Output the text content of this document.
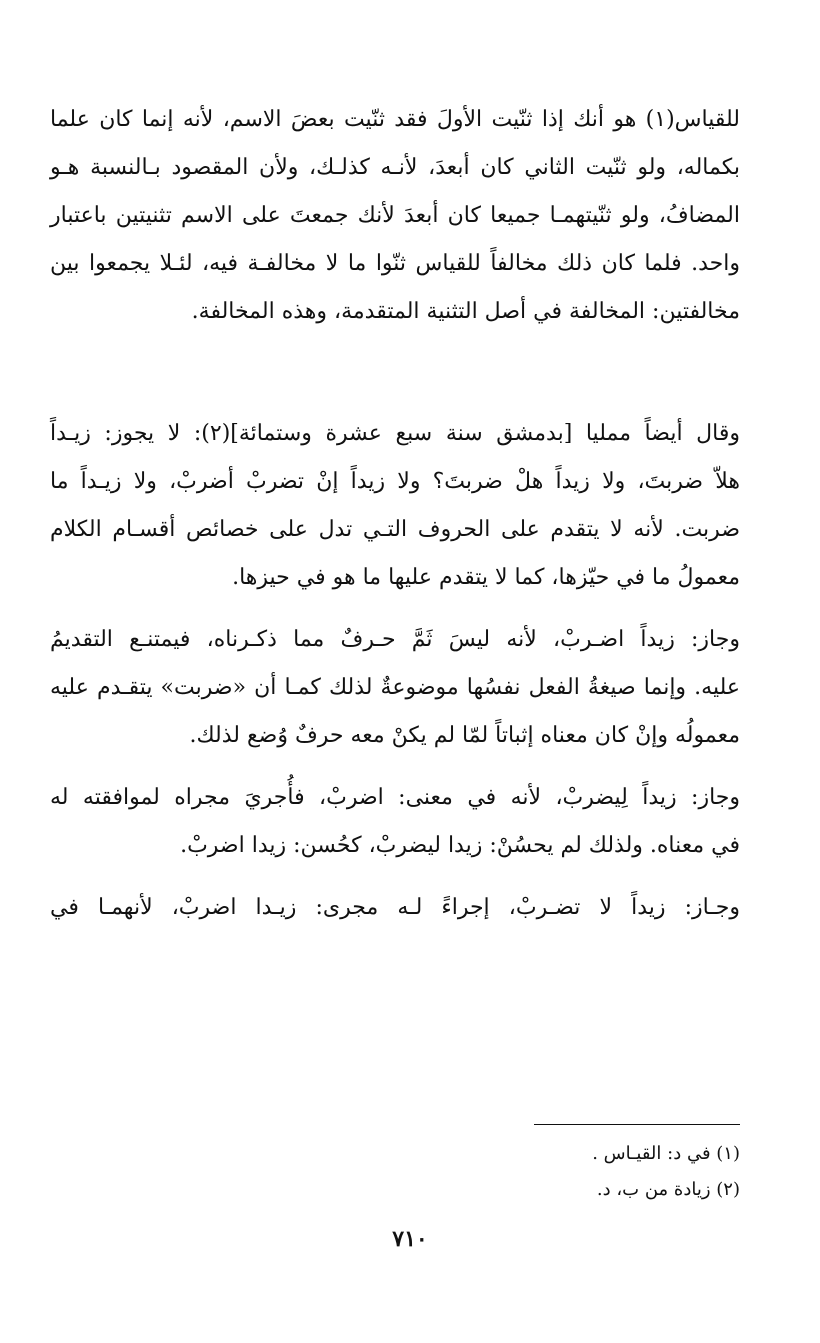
للقياس(١) هو أنك إذا ثنّيت الأولَ فقد ثنّيت بعضَ الاسم، لأنه إنما كان علما
بكماله، ولو ثنّيت الثاني كان أبعدَ، لأنـه كذلـك، ولأن المقصود بـالنسبة هـو
المضافُ، ولو ثنّيتهمـا جميعا كان أبعدَ لأنك جمعتَ على الاسم تثنيتين باعتبار
واحد. فلما كان ذلك مخالفاً للقياس ثنّوا ما لا مخالفـة فيه، لئـلا يجمعوا بين
مخالفتين: المخالفة في أصل التثنية المتقدمة، وهذه المخالفة.

وقال أيضاً ممليا [بدمشق سنة سبع عشرة وستمائة](٢): لا يجوز: زيـداً
هلاّ ضربتَ، ولا زيداً هلْ ضربتَ؟ ولا زيداً إنْ تضربْ أضربْ، ولا زيـداً ما
ضربت. لأنه لا يتقدم على الحروف التـي تدل على خصائص أقسـام الكلام
معمولُ ما في حيّزها، كما لا يتقدم عليها ما هو في حيزها.

وجاز: زيداً اضـربْ، لأنه ليسَ ثَمَّ حـرفٌ مما ذكـرناه، فيمتنـع التقديمُ
عليه. وإنما صيغةُ الفعل نفسُها موضوعةٌ لذلك كمـا أن «ضربت» يتقـدم عليه
معمولُه وإنْ كان معناه إثباتاً لمّا لم يكنْ معه حرفٌ وُضع لذلك.

وجاز: زيداً لِيضربْ، لأنه في معنى: اضربْ، فأُجريَ مجراه لموافقته له
في معناه. ولذلك لم يحسُنْ: زيدا ليضربْ، كحُسن: زيدا اضربْ.

وجـاز: زيداً لا تضـربْ، إجراءً لـه مجرى: زيـدا اضربْ، لأنهمـا في

(١) في د: القيـاس .
(٢) زيادة من ب، د.
٧١٠
